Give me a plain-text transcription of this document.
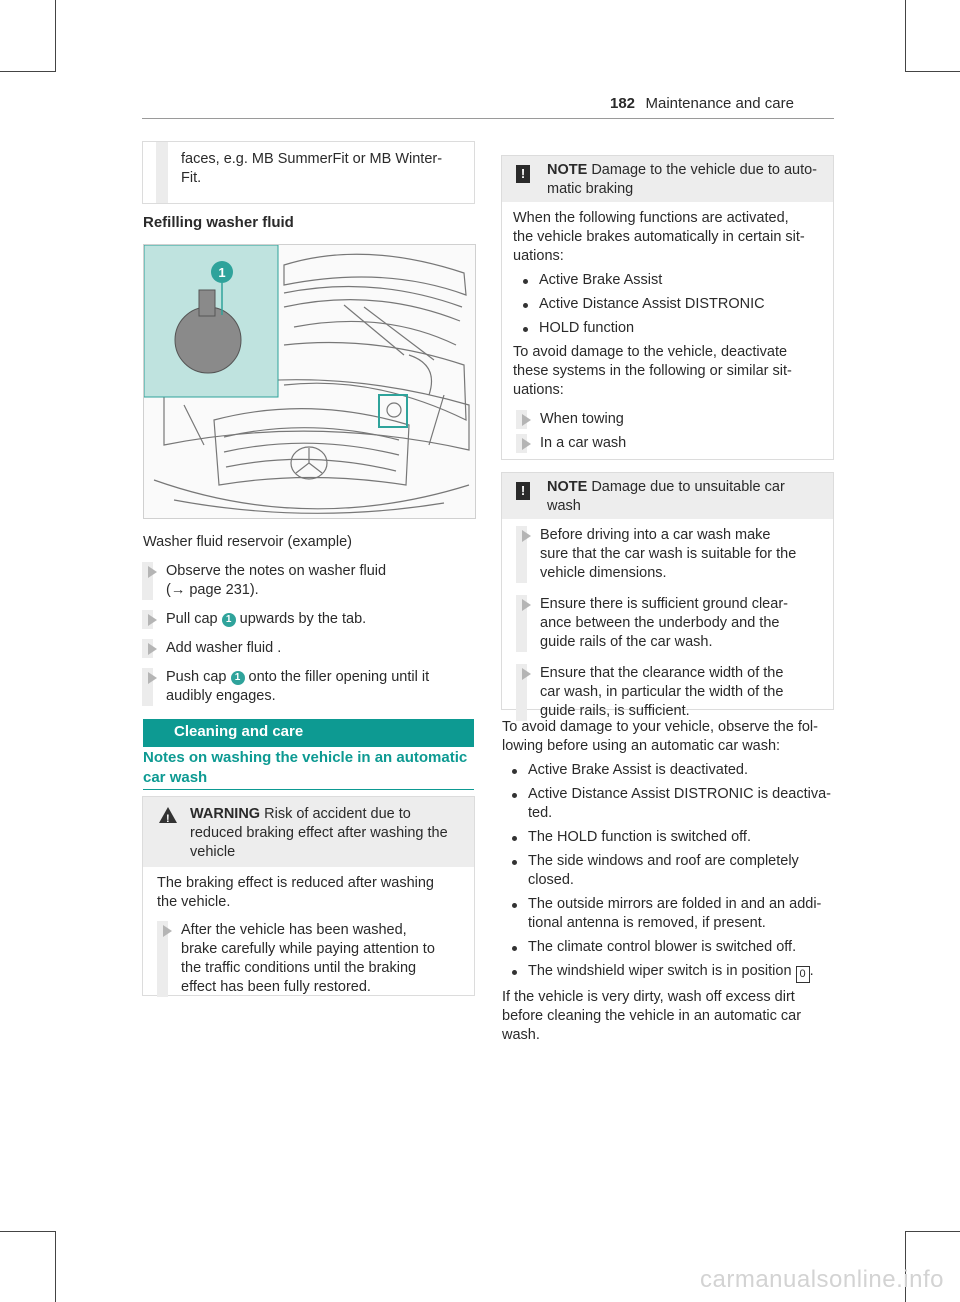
182 Maintenance and care
faces, e.g. MB SummerFit or MB Winter-
Fit.
Refilling washer fluid
1
Washer fluid reservoir (example)
Observe the notes on washer fluid
(→ page 231).
Pull cap 1 upwards by the tab.
Add washer fluid .
Push cap 1 onto the filler opening until it
audibly engages.
Cleaning and care
Notes on washing the vehicle in an automatic
car wash
! WARNING Risk of accident due to
reduced braking effect after washing the
vehicle
The braking effect is reduced after washing
the vehicle.
After the vehicle has been washed,
brake carefully while paying attention to
the traffic conditions until the braking
effect has been fully restored.
!	NOTE Damage to the vehicle due to auto-
matic braking
When the following functions are activated,
the vehicle brakes automatically in certain sit-
uations:
Active Brake Assist
Active Distance Assist DISTRONIC
HOLD function
To avoid damage to the vehicle, deactivate
these systems in the following or similar sit-
uations:
When towing
In a car wash
!	NOTE Damage due to unsuitable car
wash
Before driving into a car wash make
sure that the car wash is suitable for the
vehicle dimensions.
Ensure there is sufficient ground clear-
ance between the underbody and the
guide rails of the car wash.
Ensure that the clearance width of the
car wash, in particular the width of the
guide rails, is sufficient.
To avoid damage to your vehicle, observe the fol-
lowing before using an automatic car wash:
Active Brake Assist is deactivated.
Active Distance Assist DISTRONIC is deactiva-
ted.
The HOLD function is switched off.
The side windows and roof are completely
closed.
The outside mirrors are folded in and an addi-
tional antenna is removed, if present.
The climate control blower is switched off.
The windshield wiper switch is in position 0 .
If the vehicle is very dirty, wash off excess dirt
before cleaning the vehicle in an automatic car
wash.
carmanualsonline.info
